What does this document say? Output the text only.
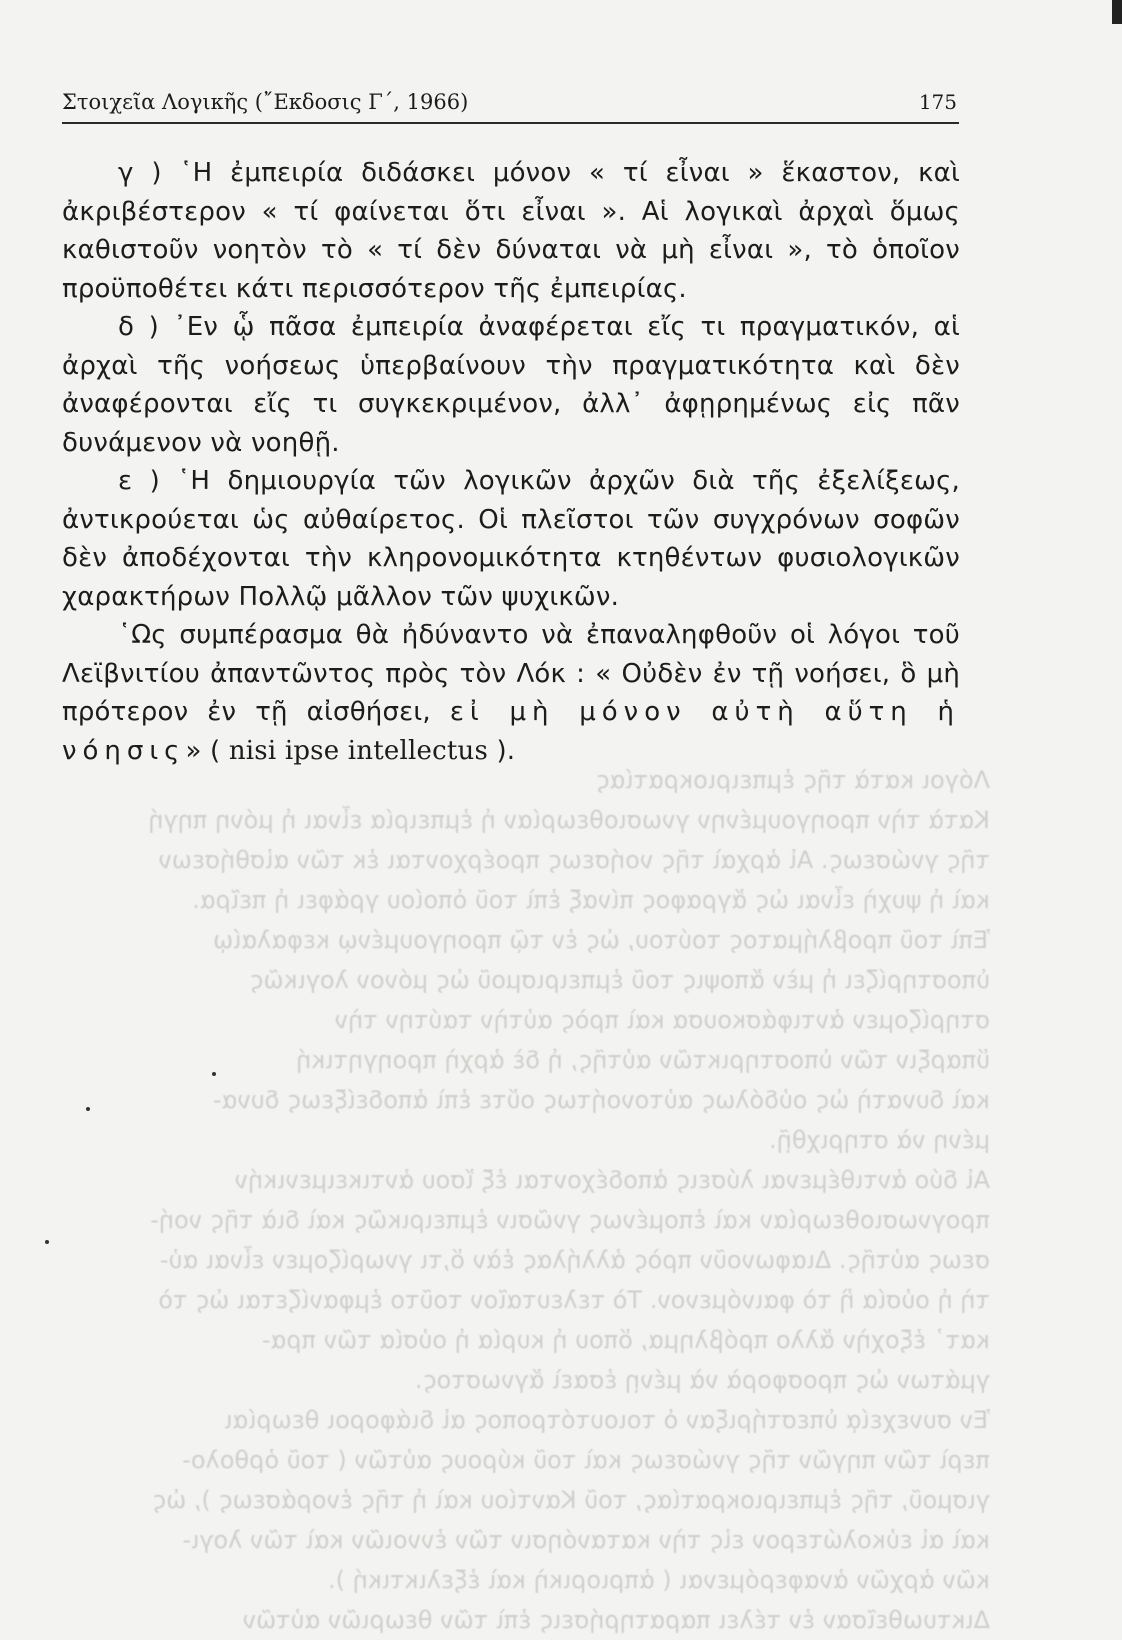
Λόγοι κατὰ τῆς ἐμπειριοκρατίας
Κατὰ τὴν προηγουμένην γνωσιοθεωρίαν ἡ ἐμπειρία εἶναι ἡ μόνη πηγή
τῆς γνώσεως. Αἱ ἀρχαὶ τῆς νοήσεως προέρχονται ἐκ τῶν αἰσθήσεων
καὶ ἡ ψυχὴ εἶναι ὡς ἄγραφος πίναξ ἐπὶ τοῦ ὁποίου γράφει ἡ πεῖρα.
Ἐπὶ τοῦ προβλήματος τούτου, ὡς ἐν τῷ προηγουμένῳ κεφαλαίῳ
ὑποστηρίζει ἡ μὲν ἄποψις τοῦ ἐμπειρισμοῦ ὡς μόνον λογικῶς
στηρίζομεν ἀντιφάσκουσα καὶ πρὸς αὐτὴν ταύτην τὴν
ὕπαρξιν τῶν ὑποστηρικτῶν αὐτῆς, ἡ δὲ ἀρχὴ προηγητική
καὶ δυνατὴ ὡς οὐδόλως αὐτονοήτως οὔτε ἐπὶ ἀποδείξεως δυνα-
μένη νὰ στηριχθῇ.
Αἱ δύο ἀντιθέμεναι λύσεις ἀποδέχονται ἐξ ἴσου ἀντικειμενικήν
προγνωσιοθεωρίαν καὶ ἐπομένως γνῶσιν ἐμπειρικῶς καὶ διὰ τῆς νοή-
σεως αὐτῆς. Διαφωνοῦν πρὸς ἀλλήλας ἐὰν ὅ,τι γνωρίζομεν εἶναι αὐ-
τὴ ἡ οὐσία ἢ τὸ φαινόμενον. Τὸ τελευταῖον τοῦτο ἐμφανίζεται ὡς τὸ
κατ᾿ ἐξοχὴν ἄλλο πρόβλημα, ὅπου ἡ κυρία ἡ οὐσία τῶν πρα-
γμάτων ὡς προσφορὰ νὰ μένῃ ἐσαεὶ ἄγνωστος.
Ἐν συνεχείᾳ ὑπεστήριξαν ὁ τοιουτότροπος αἱ διάφοροι θεωρίαι
περὶ τῶν πηγῶν τῆς γνώσεως καὶ τοῦ κύρους αὐτῶν ( τοῦ ὀρθολο-
γισμοῦ, τῆς ἐμπειριοκρατίας, τοῦ Καντίου καὶ ἡ τῆς ἐνοράσεως ), ὡς
καὶ αἱ εὐκολώτερον εἰς τὴν κατανόησιν τῶν ἐννοιῶν καὶ τῶν λογι-
κῶν ἀρχῶν ἀναφερόμεναι ( ἀπριορικὴ καὶ ἐξελικτική ).
Δικτυωθεῖσαν ἐν τέλει παρατηρήσεις ἐπὶ τῶν θεωριῶν αὐτῶν
Στοιχεῖα Λογικῆς (῎Εκδοσις Γ΄, 1966)	175

γ ) ῾Η ἐμπειρία διδάσκει μόνον « τί εἶναι » ἕκαστον, καὶ ἀκριβέστερον « τί φαίνεται ὅτι εἶναι ». Αἱ λογικαὶ ἀρχαὶ ὅμως καθιστοῦν νοητὸν τὸ « τί δὲν δύναται νὰ μὴ εἶναι », τὸ ὁποῖον προϋποθέτει κάτι περισσότερον τῆς ἐμπειρίας.

δ ) ᾿Εν ᾧ πᾶσα ἐμπειρία ἀναφέρεται εἴς τι πραγματικόν, αἱ ἀρχαὶ τῆς νοήσεως ὑπερβαίνουν τὴν πραγματικότητα καὶ δὲν ἀναφέρονται εἴς τι συγκεκριμένον, ἀλλ᾿ ἀφῃρημένως εἰς πᾶν δυνάμενον νὰ νοηθῇ.

ε ) ῾Η δημιουργία τῶν λογικῶν ἀρχῶν διὰ τῆς ἐξελίξεως, ἀντικρούεται ὡς αὐθαίρετος. Οἱ πλεῖστοι τῶν συγχρόνων σοφῶν δὲν ἀποδέχονται τὴν κληρονομικότητα κτηθέντων φυσιολογικῶν χαρακτήρων Πολλῷ μᾶλλον τῶν ψυχικῶν.

῾Ως συμπέρασμα θὰ ἠδύναντο νὰ ἐπαναληφθοῦν οἱ λόγοι τοῦ Λεϊβνιτίου ἀπαντῶντος πρὸς τὸν Λόκ : « Οὐδὲν ἐν τῇ νοήσει, ὃ μὴ πρότερον ἐν τῇ αἰσθήσει, εἰ μὴ μόνον αὐτὴ αὕτη ἡ νόησις» ( nisi ipse intellectus ).
